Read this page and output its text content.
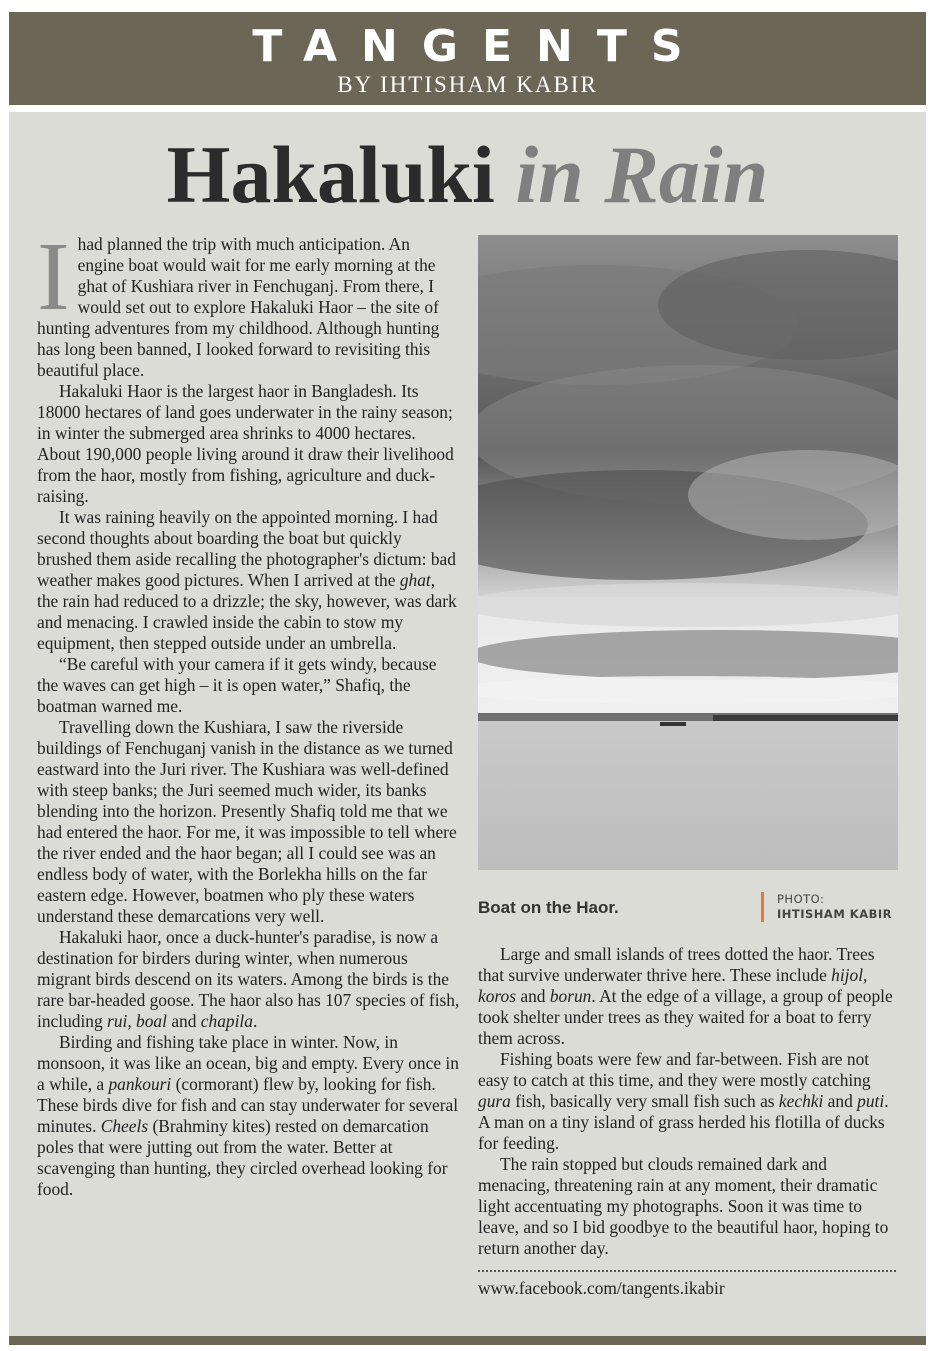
TANGENTS
BY IHTISHAM KABIR
Hakaluki in Rain

Ihad planned the trip with much anticipation. An engine boat would wait for me early morning at the ghat of Kushiara river in Fenchuganj. From there, I would set out to explore Hakaluki Haor – the site of hunting adventures from my childhood. Although hunting has long been banned, I looked forward to revisiting this beautiful place.

Hakaluki Haor is the largest haor in Bangladesh. Its 18000 hectares of land goes underwater in the rainy season; in winter the submerged area shrinks to 4000 hectares. About 190,000 people living around it draw their livelihood from the haor, mostly from fishing, agriculture and duck-raising.

It was raining heavily on the appointed morning. I had second thoughts about boarding the boat but quickly brushed them aside recalling the photographer's dictum: bad weather makes good pictures. When I arrived at the ghat, the rain had reduced to a drizzle; the sky, however, was dark and menacing. I crawled inside the cabin to stow my equipment, then stepped outside under an umbrella.

“Be careful with your camera if it gets windy, because the waves can get high – it is open water,” Shafiq, the boatman warned me.

Travelling down the Kushiara, I saw the riverside buildings of Fenchuganj vanish in the distance as we turned eastward into the Juri river. The Kushiara was well-defined with steep banks; the Juri seemed much wider, its banks blending into the horizon. Presently Shafiq told me that we had entered the haor. For me, it was impossible to tell where the river ended and the haor began; all I could see was an endless body of water, with the Borlekha hills on the far eastern edge. However, boatmen who ply these waters understand these demarcations very well.

Hakaluki haor, once a duck-hunter's paradise, is now a destination for birders during winter, when numerous migrant birds descend on its waters. Among the birds is the rare bar-headed goose. The haor also has 107 species of fish, including rui, boal and chapila.

Birding and fishing take place in winter. Now, in monsoon, it was like an ocean, big and empty. Every once in a while, a pankouri (cormorant) flew by, looking for fish. These birds dive for fish and can stay underwater for several minutes. Cheels (Brahminy kites) rested on demarcation poles that were jutting out from the water. Better at scavenging than hunting, they circled overhead looking for food.

Boat on the Haor.	PHOTO:
IHTISHAM KABIR

Large and small islands of trees dotted the haor. Trees that survive underwater thrive here. These include hijol, koros and borun. At the edge of a village, a group of people took shelter under trees as they waited for a boat to ferry them across.

Fishing boats were few and far-between. Fish are not easy to catch at this time, and they were mostly catching gura fish, basically very small fish such as kechki and puti. A man on a tiny island of grass herded his flotilla of ducks for feeding.

The rain stopped but clouds remained dark and menacing, threatening rain at any moment, their dramatic light accentuating my photographs. Soon it was time to leave, and so I bid goodbye to the beautiful haor, hoping to return another day.

www.facebook.com/tangents.ikabir
